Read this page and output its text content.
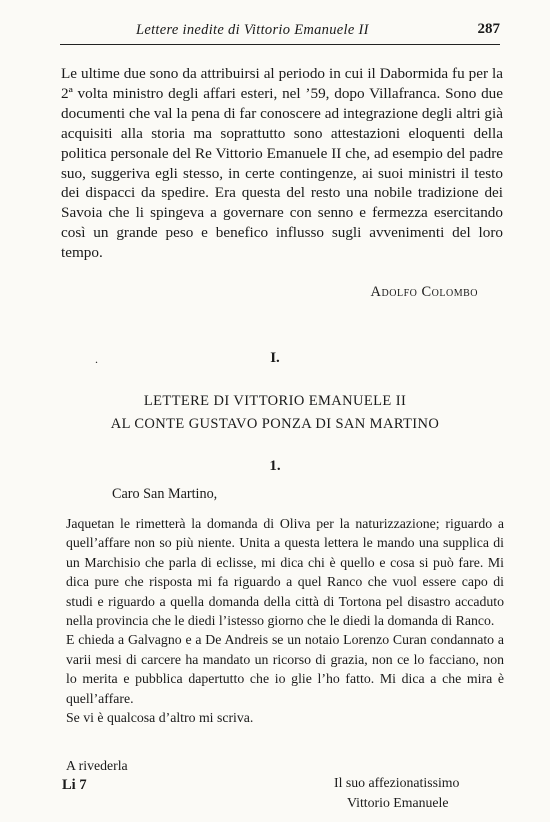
Lettere inedite di Vittorio Emanuele II	287

Le ultime due sono da attribuirsi al periodo in cui il Dabormida fu per la 2ª volta ministro degli affari esteri, nel ’59, dopo Villafranca. Sono due documenti che val la pena di far conoscere ad integrazione degli altri già acquisiti alla storia ma soprattutto sono attestazioni eloquenti della politica personale del Re Vittorio Emanuele II che, ad esempio del padre suo, suggeriva egli stesso, in certe contingenze, ai suoi ministri il testo dei dispacci da spedire. Era questa del resto una nobile tradizione dei Savoia che li spingeva a governare con senno e fermezza esercitando così un grande peso e benefico influsso sugli avvenimenti del loro tempo.

Adolfo Colombo
.	I.
LETTERE DI VITTORIO EMANUELE II
AL CONTE GUSTAVO PONZA DI SAN MARTINO
1.
Caro San Martino,

Jaquetan le rimetterà la domanda di Oliva per la naturizzazione; riguardo a quell’affare non so più niente. Unita a questa lettera le mando una supplica di un Marchisio che parla di eclisse, mi dica chi è quello e cosa si può fare. Mi dica pure che risposta mi fa riguardo a quel Ranco che vuol essere capo di studi e riguardo a quella domanda della città di Tortona pel disastro accaduto nella provincia che le diedi l’istesso giorno che le diedi la domanda di Ranco.

E chieda a Galvagno e a De Andreis se un notaio Lorenzo Curan condannato a varii mesi di carcere ha mandato un ricorso di grazia, non ce lo facciano, non lo merita e pubblica dapertutto che io glie l’ho fatto. Mi dica a che mira è quell’affare.

Se vi è qualcosa d’altro mi scriva.

A rivederla
Li 7	Il suo affezionatissimo
Vittorio Emanuele
